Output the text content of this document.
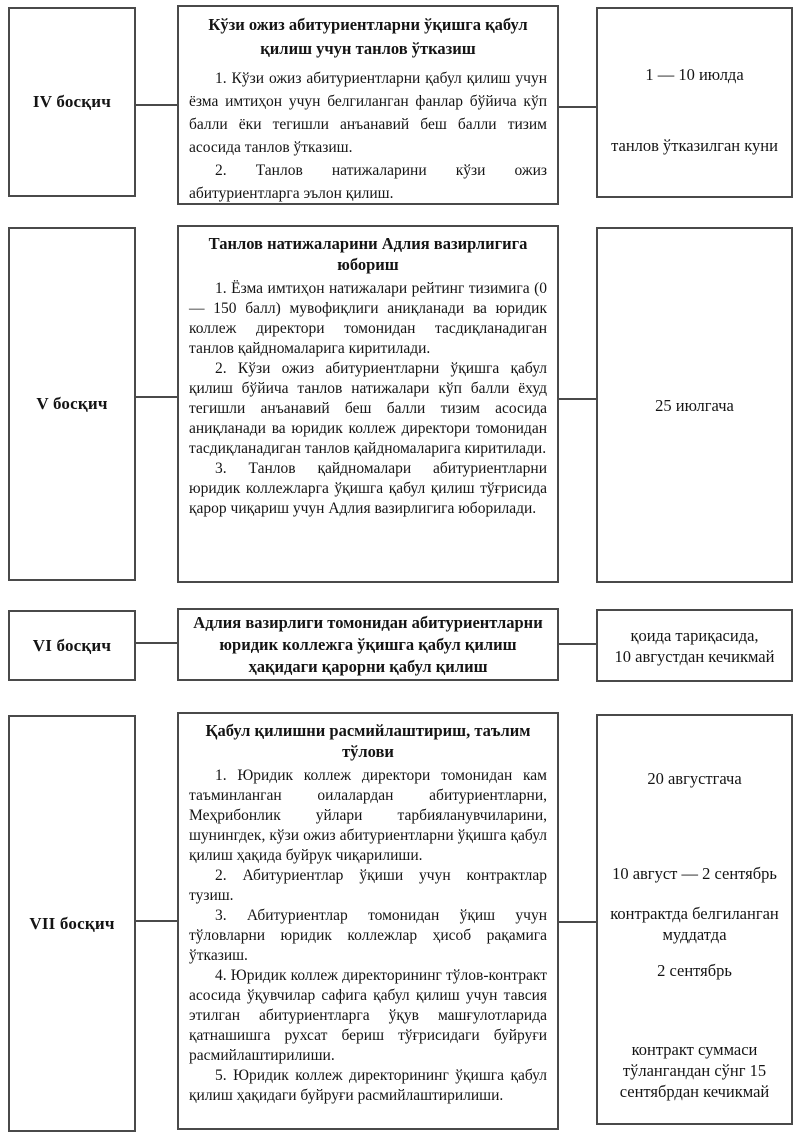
IV босқич
Кўзи ожиз абитуриентларни ўқишга қабул қилиш учун танлов ўтказиш

1. Кўзи ожиз абитуриентларни қабул қилиш учун ёзма имтиҳон учун белгиланган фанлар бўйича кўп балли ёки тегишли анъанавий беш балли тизим асосида танлов ўтказиш.

2. Танлов натижаларини кўзи ожиз абитуриентларга эълон қилиш.

1 — 10 июлда
танлов ўтказилган куни
V босқич
Танлов натижаларини Адлия вазирлигига юбориш

1. Ёзма имтиҳон натижалари рейтинг тизимига (0 — 150 балл) мувофиқлиги аниқланади ва юридик коллеж директори томонидан тасдиқланадиган танлов қайдномаларига киритилади.

2. Кўзи ожиз абитуриентларни ўқишга қабул қилиш бўйича танлов натижалари кўп балли ёхуд тегишли анъанавий беш балли тизим асосида аниқланади ва юридик коллеж директори томонидан тасдиқланадиган танлов қайдномаларига киритилади.

3. Танлов қайдномалари абитуриентларни юридик коллежларга ўқишга қабул қилиш тўғрисида қарор чиқариш учун Адлия вазирлигига юборилади.

25 июлгача
VI босқич
Адлия вазирлиги томонидан абитуриентларни юридик коллежга ўқишга қабул қилиш ҳақидаги қарорни қабул қилиш
қоида тариқасида,
10 августдан кечикмай
VII босқич
Қабул қилишни расмийлаштириш, таълим тўлови

1. Юридик коллеж директори томонидан кам таъминланган оилалардан абитуриентларни, Меҳрибонлик уйлари тарбияланувчиларини, шунингдек, кўзи ожиз абитуриентларни ўқишга қабул қилиш ҳақида буйрук чиқарилиши.

2. Абитуриентлар ўқиши учун контрактлар тузиш.

3. Абитуриентлар томонидан ўқиш учун тўловларни юридик коллежлар ҳисоб рақамига ўтказиш.

4. Юридик коллеж директорининг тўлов-контракт асосида ўқувчилар сафига қабул қилиш учун тавсия этилган абитуриентларга ўқув машғулотларида қатнашишга рухсат бериш тўғрисидаги буйруғи расмийлаштирилиши.

5. Юридик коллеж директорининг ўқишга қабул қилиш ҳақидаги буйруғи расмийлаштирилиши.

20 августгача
10 август — 2 сентябрь
контрактда белгиланган муддатда
2 сентябрь
контракт суммаси тўлангандан сўнг 15 сентябрдан кечикмай
